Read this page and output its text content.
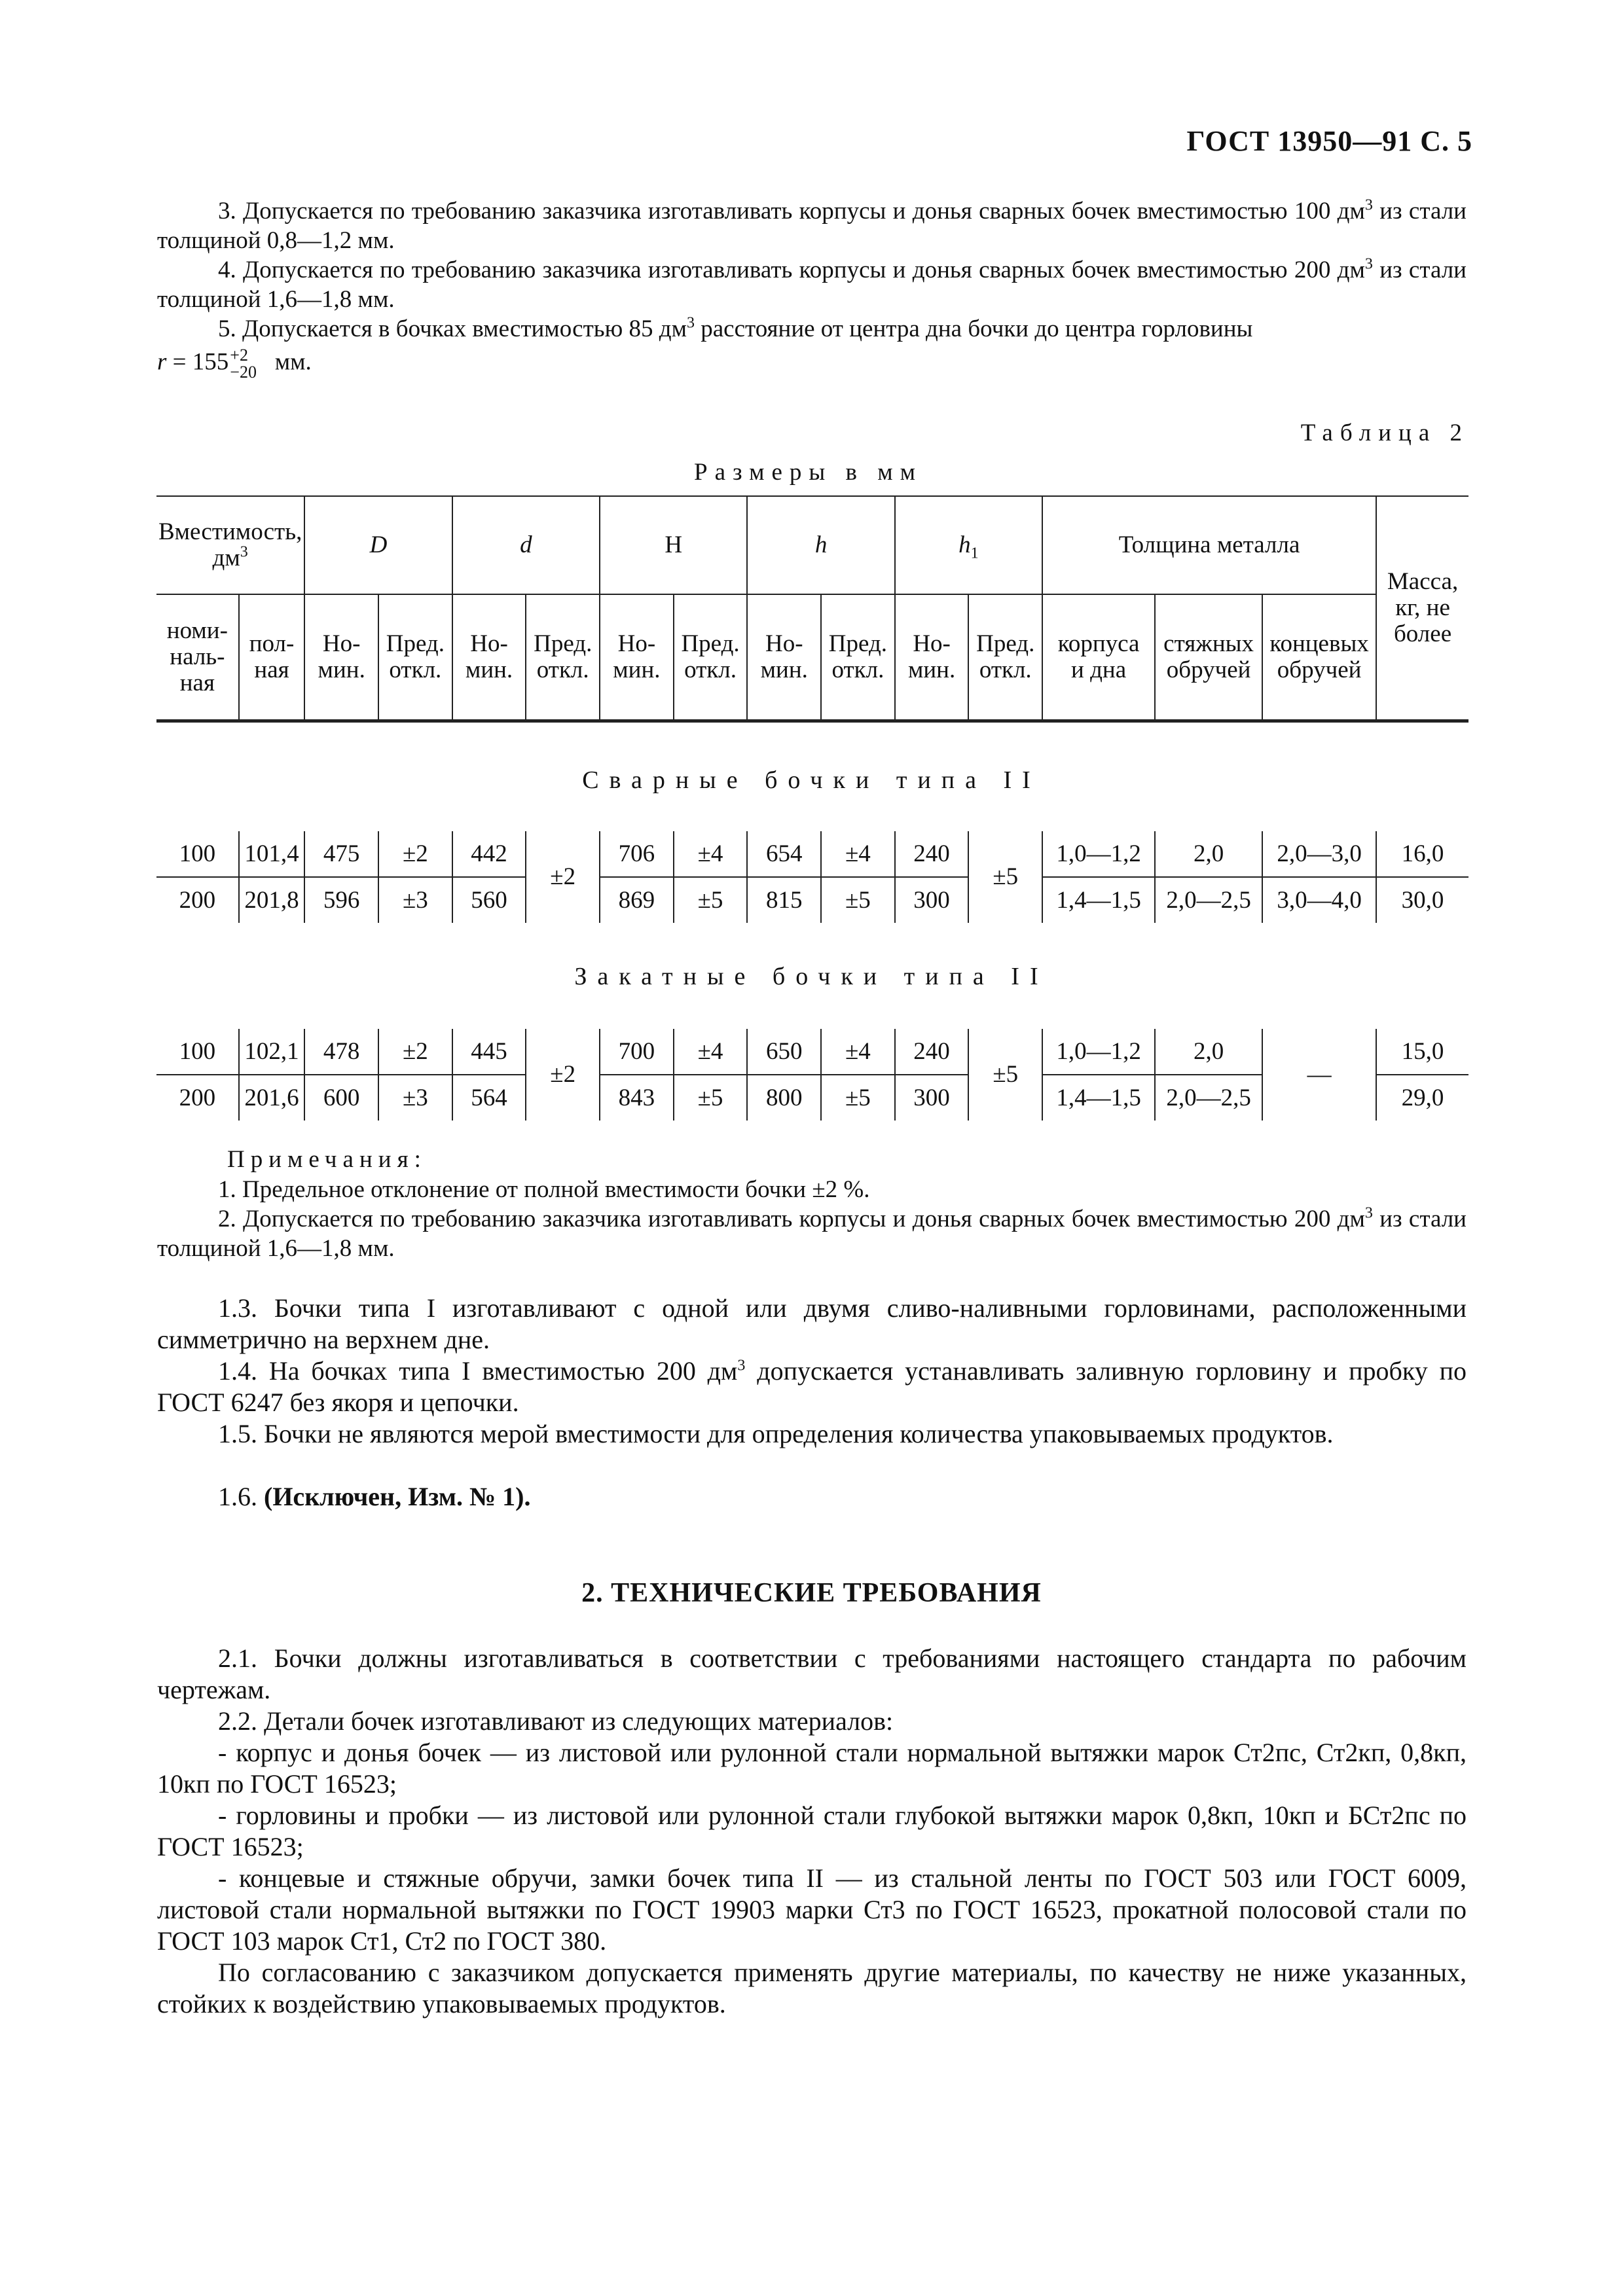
ГОСТ 13950—91 С. 5
3. Допускается по требованию заказчика изготавливать корпусы и донья сварных бочек вместимостью 100 $дм^3$ из стали толщиной 0,8—1,2 мм.
4. Допускается по требованию заказчика изготавливать корпусы и донья сварных бочек вместимостью 200 $дм^3$ из стали толщиной 1,6—1,8 мм.
5. Допускается в бочках вместимостью 85 $дм^3$ расстояние от центра дна бочки до центра горловины
r = 155 +2
−20 мм.
Таблица 2
Размеры в мм
Вместимость, $дм^3$		D		d		H		h		$h_1$		Толщина металла			Масса, кг, не более
номи-наль-ная	пол-ная	Но-мин.	Пред. откл.	Но-мин.	Пред. откл.	Но-мин.	Пред. откл.	Но-мин.	Пред. откл.	Но-мин.	Пред. откл.	корпуса и дна	стяжных обручей	концевых обручей	
Сварные бочки типа II
100	101,4	475	±2	442	±2	706	±4	654	±4	240	±5	1,0—1,2	2,0	2,0—3,0	16,0
200	201,8	596	±3	560		869	±5	815	±5	300		1,4—1,5	2,0—2,5	3,0—4,0	30,0
Закатные бочки типа II
100	102,1	478	±2	445	±2	700	±4	650	±4	240	±5	1,0—1,2	2,0	—	15,0
200	201,6	600	±3	564		843	±5	800	±5	300		1,4—1,5	2,0—2,5		29,0
Примечания:
1. Предельное отклонение от полной вместимости бочки ±2 %.
2. Допускается по требованию заказчика изготавливать корпусы и донья сварных бочек вместимостью 200 $дм^3$ из стали толщиной 1,6—1,8 мм.
1.3. Бочки типа I изготавливают с одной или двумя сливо-наливными горловинами, расположенными симметрично на верхнем дне.
1.4. На бочках типа I вместимостью 200 $дм^3$ допускается устанавливать заливную горловину и пробку по ГОСТ 6247 без якоря и цепочки.
1.5. Бочки не являются мерой вместимости для определения количества упаковываемых продуктов.
1.6. (Исключен, Изм. № 1).
2. ТЕХНИЧЕСКИЕ ТРЕБОВАНИЯ
2.1. Бочки должны изготавливаться в соответствии с требованиями настоящего стандарта по рабочим чертежам.
2.2. Детали бочек изготавливают из следующих материалов:
- корпус и донья бочек — из листовой или рулонной стали нормальной вытяжки марок Ст2пс, Ст2кп, 0,8кп, 10кп по ГОСТ 16523;
- горловины и пробки — из листовой или рулонной стали глубокой вытяжки марок 0,8кп, 10кп и БСт2пс по ГОСТ 16523;
- концевые и стяжные обручи, замки бочек типа II — из стальной ленты по ГОСТ 503 или ГОСТ 6009, листовой стали нормальной вытяжки по ГОСТ 19903 марки Ст3 по ГОСТ 16523, прокатной полосовой стали по ГОСТ 103 марок Ст1, Ст2 по ГОСТ 380.
По согласованию с заказчиком допускается применять другие материалы, по качеству не ниже указанных, стойких к воздействию упаковываемых продуктов.
